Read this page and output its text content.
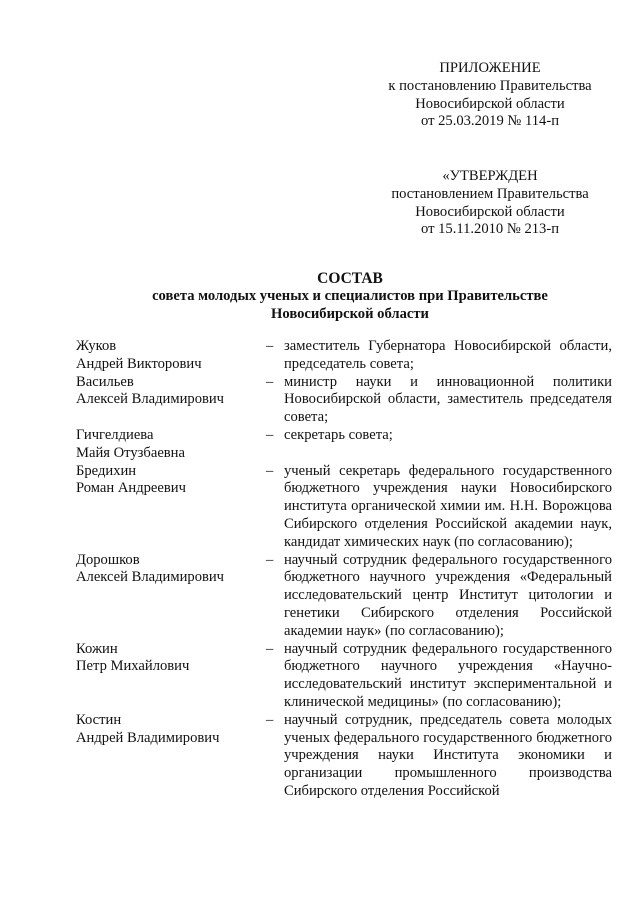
ПРИЛОЖЕНИЕ
к постановлению Правительства
Новосибирской области
от 25.03.2019 № 114-п
«УТВЕРЖДЕН
постановлением Правительства
Новосибирской области
от 15.11.2010 № 213-п
СОСТАВ
совета молодых ученых и специалистов при Правительстве
Новосибирской области
Жуков
Андрей Викторович
– заместитель Губернатора Новосибирской области, председатель совета;
Васильев
Алексей Владимирович
– министр науки и инновационной политики Новосибирской области, заместитель председателя совета;
Гичгелдиева
Майя Отузбаевна
– секретарь совета;
Бредихин
Роман Андреевич
– ученый секретарь федерального государственного бюджетного учреждения науки Новосибирского института органической химии им. Н.Н. Ворожцова Сибирского отделения Российской академии наук, кандидат химических наук (по согласованию);
Дорошков
Алексей Владимирович
– научный сотрудник федерального государственного бюджетного научного учреждения «Федеральный исследовательский центр Институт цитологии и генетики Сибирского отделения Российской академии наук» (по согласованию);
Кожин
Петр Михайлович
– научный сотрудник федерального государственного бюджетного научного учреждения «Научно-исследовательский институт экспериментальной и клинической медицины» (по согласованию);
Костин
Андрей Владимирович
– научный сотрудник, председатель совета молодых ученых федерального государственного бюджетного учреждения науки Института экономики и организации промышленного производства Сибирского отделения Российской
